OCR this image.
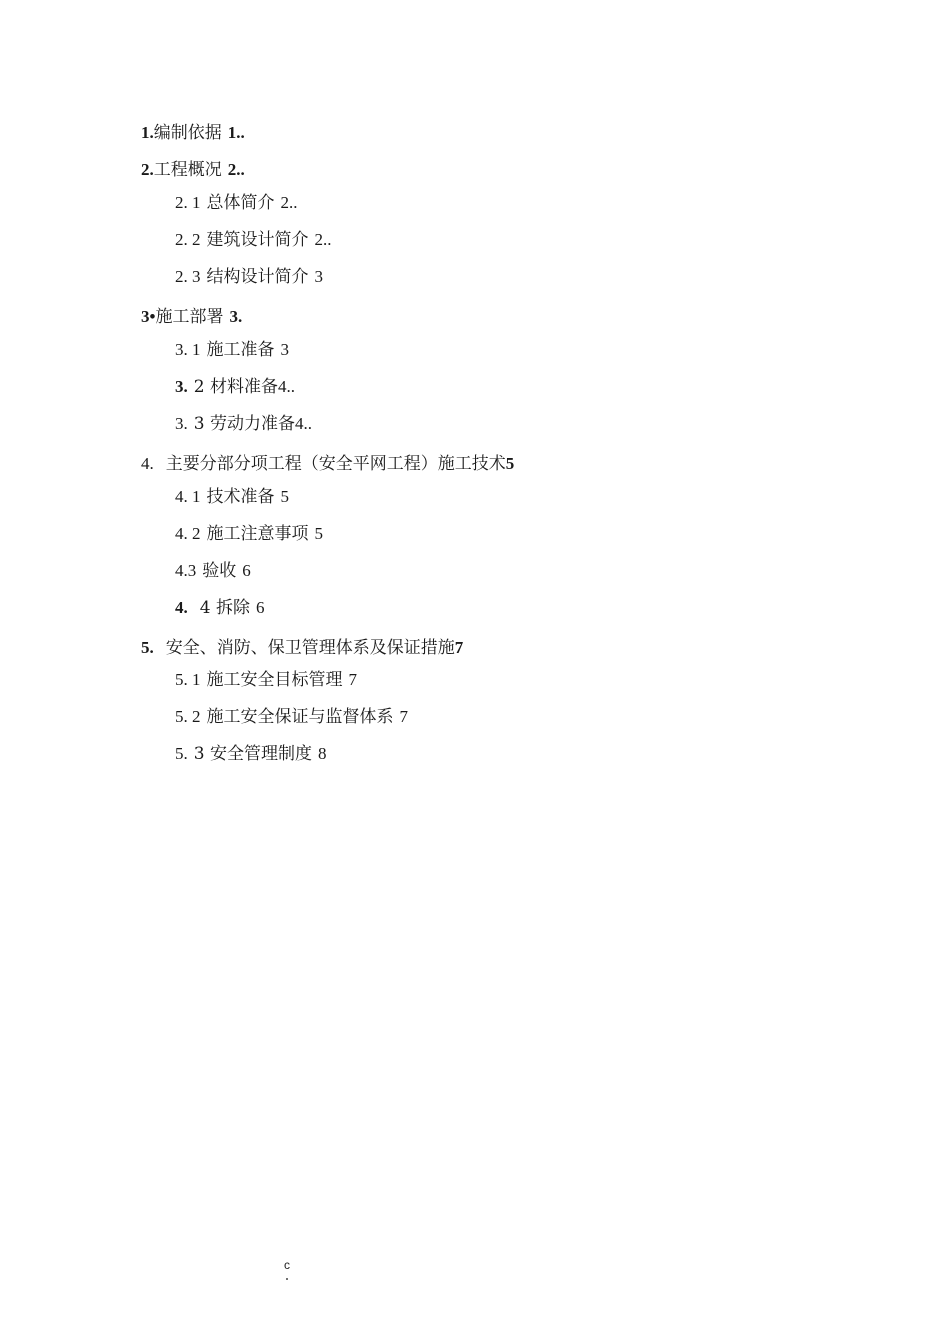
1.编制依据 1..
2.工程概况 2..
2. 1 总体简介 2..
2. 2 建筑设计简介 2..
2. 3 结构设计简介 3
3•施工部署 3.
3. 1 施工准备 3
3. 2 材料准备4..
3. 3 劳动力准备4..
4. 主要分部分项工程（安全平网工程）施工技术5
4. 1 技术准备 5
4. 2 施工注意事项 5
4.3 验收 6
4. 4 拆除 6
5. 安全、消防、保卫管理体系及保证措施7
5. 1 施工安全目标管理 7
5. 2 施工安全保证与监督体系 7
5. 3 安全管理制度 8
c
